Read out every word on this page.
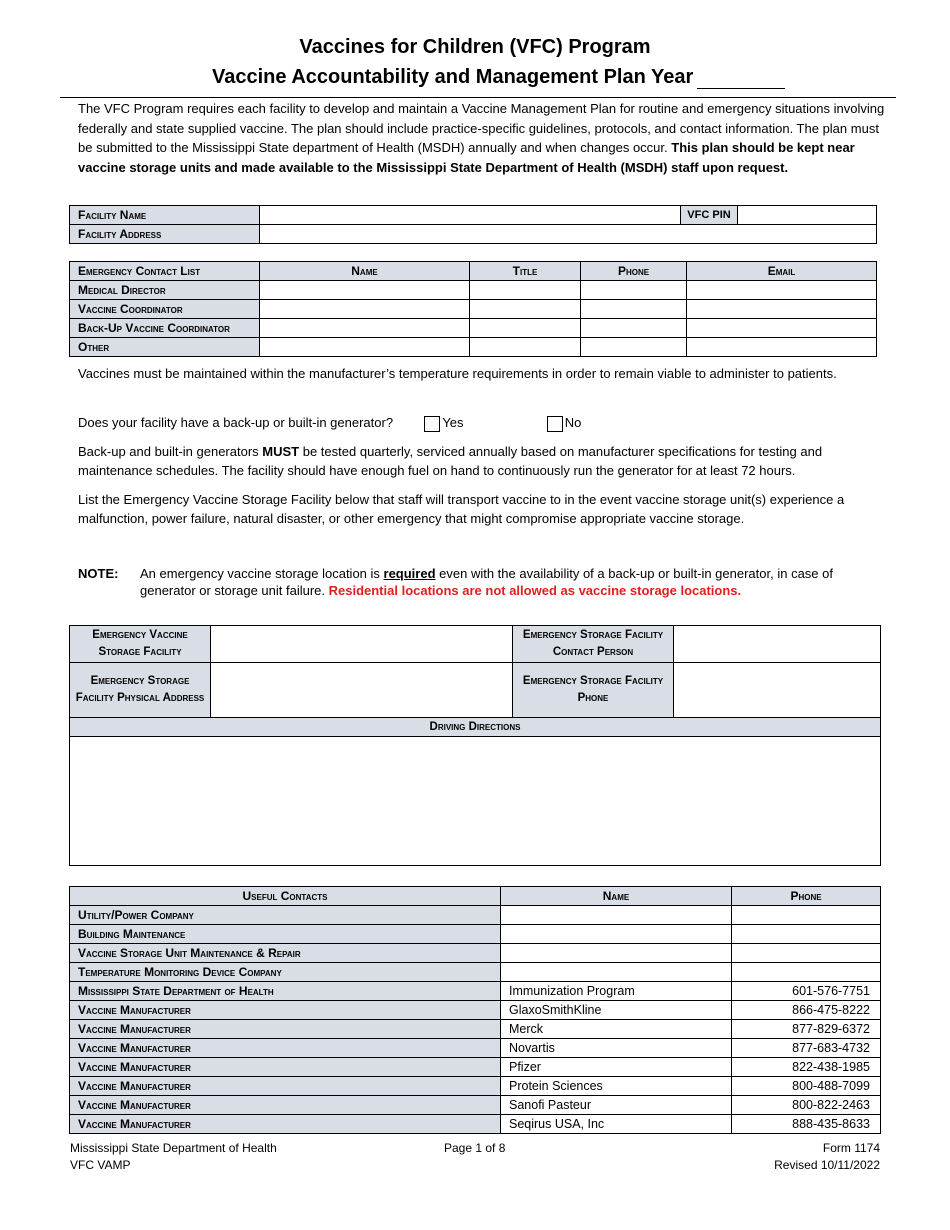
Vaccines for Children (VFC) Program
Vaccine Accountability and Management Plan Year
The VFC Program requires each facility to develop and maintain a Vaccine Management Plan for routine and emergency situations involving federally and state supplied vaccine. The plan should include practice-specific guidelines, protocols, and contact information. The plan must be submitted to the Mississippi State department of Health (MSDH) annually and when changes occur. This plan should be kept near vaccine storage units and made available to the Mississippi State Department of Health (MSDH) staff upon request.
Facility Name		VFC PIN	
Facility Address			
Emergency Contact List	Name	Title	Phone	Email
Medical Director				
Vaccine Coordinator				
Back-Up Vaccine Coordinator				
Other				
Vaccines must be maintained within the manufacturer’s temperature requirements in order to remain viable to administer to patients.
Does your facility have a back-up or built-in generator?	Yes	No
Back-up and built-in generators MUST be tested quarterly, serviced annually based on manufacturer specifications for testing and maintenance schedules. The facility should have enough fuel on hand to continuously run the generator for at least 72 hours.
List the Emergency Vaccine Storage Facility below that staff will transport vaccine to in the event vaccine storage unit(s) experience a malfunction, power failure, natural disaster, or other emergency that might compromise appropriate vaccine storage.
NOTE: An emergency vaccine storage location is required even with the availability of a back-up or built-in generator, in case of generator or storage unit failure. Residential locations are not allowed as vaccine storage locations.
Emergency Vaccine Storage Facility		Emergency Storage Facility Contact Person	
Emergency Storage Facility Physical Address		Emergency Storage Facility Phone	
Driving Directions			

Useful Contacts	Name	Phone
Utility/Power Company		
Building Maintenance		
Vaccine Storage Unit Maintenance & Repair		
Temperature Monitoring Device Company		
Mississippi State Department of Health	Immunization Program	601-576-7751
Vaccine Manufacturer	GlaxoSmithKline	866-475-8222
Vaccine Manufacturer	Merck	877-829-6372
Vaccine Manufacturer	Novartis	877-683-4732
Vaccine Manufacturer	Pfizer	822-438-1985
Vaccine Manufacturer	Protein Sciences	800-488-7099
Vaccine Manufacturer	Sanofi Pasteur	800-822-2463
Vaccine Manufacturer	Seqirus USA, Inc	888-435-8633
Mississippi State Department of Health
VFC VAMP
Page 1 of 8	Form 1174
Revised 10/11/2022
